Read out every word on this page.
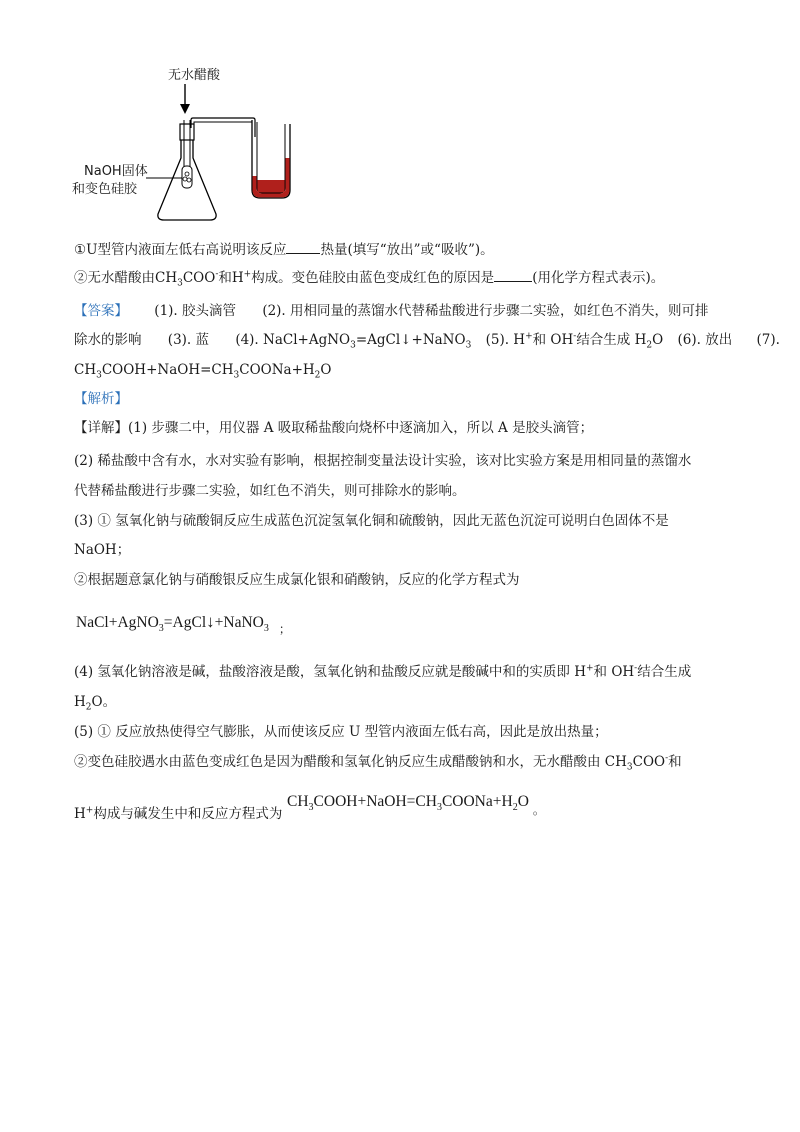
无水醋酸
NaOH固体
和变色硅胶
①U型管内液面左低右高说明该反应	热量(填写“放出”或“吸收”)。
②无水醋酸由$CH_3COO^-$和H+构成。变色硅胶由蓝色变成红色的原因是	(用化学方程式表示)。
【答案】 (1). 胶头滴管 (2). 用相同量的蒸馏水代替稀盐酸进行步骤二实验，如红色不消失，则可排
除水的影响 (3). 蓝 (4). NaCl+AgNO$_3$=AgCl↓+NaNO$_3$ (5). H+和 OH-结合生成 $H_2O$ (6). 放出 (7).
$CH_3COOH+NaOH=CH_3COONa+H_2O$
【解析】
【详解】(1) 步骤二中，用仪器 A 吸取稀盐酸向烧杯中逐滴加入，所以 A 是胶头滴管；
(2) 稀盐酸中含有水，水对实验有影响，根据控制变量法设计实验，该对比实验方案是用相同量的蒸馏水
代替稀盐酸进行步骤二实验，如红色不消失，则可排除水的影响。
(3) ① 氢氧化钠与硫酸铜反应生成蓝色沉淀氢氧化铜和硫酸钠，因此无蓝色沉淀可说明白色固体不是
NaOH；
②根据题意氯化钠与硝酸银反应生成氯化银和硝酸钠，反应的化学方程式为
NaCl+AgNO$_3$=AgCl↓+NaNO$_3$ $_;$
(4) 氢氧化钠溶液是碱，盐酸溶液是酸，氢氧化钠和盐酸反应就是酸碱中和的实质即 H+和 OH-结合生成
$H_2O$。
(5) ① 反应放热使得空气膨胀，从而使该反应 U 型管内液面左低右高，因此是放出热量；
②变色硅胶遇水由蓝色变成红色是因为醋酸和氢氧化钠反应生成醋酸钠和水，无水醋酸由 $CH_3COO^-$和
H+构成与碱发生中和反应方程式为
$CH_3COOH+NaOH=CH_3COONa+H_2O$ $_。$
